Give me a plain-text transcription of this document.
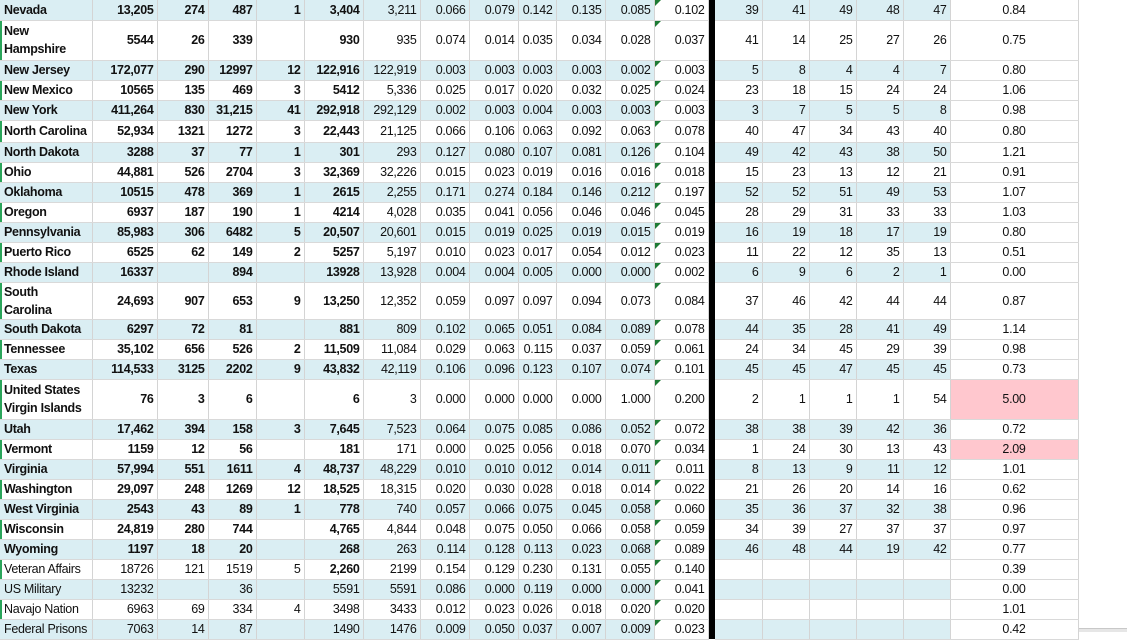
Nevada	13,205	274	487	1	3,404	3,211	0.066	0.079	0.142	0.135	0.085	0.102		39	41	49	48	47	0.84
New Hampshire	5544	26	339		930	935	0.074	0.014	0.035	0.034	0.028	0.037		41	14	25	27	26	0.75
New Jersey	172,077	290	12997	12	122,916	122,919	0.003	0.003	0.003	0.003	0.002	0.003		5	8	4	4	7	0.80
New Mexico	10565	135	469	3	5412	5,336	0.025	0.017	0.020	0.032	0.025	0.024		23	18	15	24	24	1.06
New York	411,264	830	31,215	41	292,918	292,129	0.002	0.003	0.004	0.003	0.003	0.003		3	7	5	5	8	0.98
North Carolina	52,934	1321	1272	3	22,443	21,125	0.066	0.106	0.063	0.092	0.063	0.078		40	47	34	43	40	0.80
North Dakota	3288	37	77	1	301	293	0.127	0.080	0.107	0.081	0.126	0.104		49	42	43	38	50	1.21
Ohio	44,881	526	2704	3	32,369	32,226	0.015	0.023	0.019	0.016	0.016	0.018		15	23	13	12	21	0.91
Oklahoma	10515	478	369	1	2615	2,255	0.171	0.274	0.184	0.146	0.212	0.197		52	52	51	49	53	1.07
Oregon	6937	187	190	1	4214	4,028	0.035	0.041	0.056	0.046	0.046	0.045		28	29	31	33	33	1.03
Pennsylvania	85,983	306	6482	5	20,507	20,601	0.015	0.019	0.025	0.019	0.015	0.019		16	19	18	17	19	0.80
Puerto Rico	6525	62	149	2	5257	5,197	0.010	0.023	0.017	0.054	0.012	0.023		11	22	12	35	13	0.51
Rhode Island	16337		894		13928	13,928	0.004	0.004	0.005	0.000	0.000	0.002		6	9	6	2	1	0.00
South Carolina	24,693	907	653	9	13,250	12,352	0.059	0.097	0.097	0.094	0.073	0.084		37	46	42	44	44	0.87
South Dakota	6297	72	81		881	809	0.102	0.065	0.051	0.084	0.089	0.078		44	35	28	41	49	1.14
Tennessee	35,102	656	526	2	11,509	11,084	0.029	0.063	0.115	0.037	0.059	0.061		24	34	45	29	39	0.98
Texas	114,533	3125	2202	9	43,832	42,119	0.106	0.096	0.123	0.107	0.074	0.101		45	45	47	45	45	0.73
United States Virgin Islands	76	3	6		6	3	0.000	0.000	0.000	0.000	1.000	0.200		2	1	1	1	54	5.00
Utah	17,462	394	158	3	7,645	7,523	0.064	0.075	0.085	0.086	0.052	0.072		38	38	39	42	36	0.72
Vermont	1159	12	56		181	171	0.000	0.025	0.056	0.018	0.070	0.034		1	24	30	13	43	2.09
Virginia	57,994	551	1611	4	48,737	48,229	0.010	0.010	0.012	0.014	0.011	0.011		8	13	9	11	12	1.01
Washington	29,097	248	1269	12	18,525	18,315	0.020	0.030	0.028	0.018	0.014	0.022		21	26	20	14	16	0.62
West Virginia	2543	43	89	1	778	740	0.057	0.066	0.075	0.045	0.058	0.060		35	36	37	32	38	0.96
Wisconsin	24,819	280	744		4,765	4,844	0.048	0.075	0.050	0.066	0.058	0.059		34	39	27	37	37	0.97
Wyoming	1197	18	20		268	263	0.114	0.128	0.113	0.023	0.068	0.089		46	48	44	19	42	0.77
Veteran Affairs	18726	121	1519	5	2,260	2199	0.154	0.129	0.230	0.131	0.055	0.140							0.39
US Military	13232		36		5591	5591	0.086	0.000	0.119	0.000	0.000	0.041							0.00
Navajo Nation	6963	69	334	4	3498	3433	0.012	0.023	0.026	0.018	0.020	0.020							1.01
Federal Prisons	7063	14	87		1490	1476	0.009	0.050	0.037	0.007	0.009	0.023							0.42
